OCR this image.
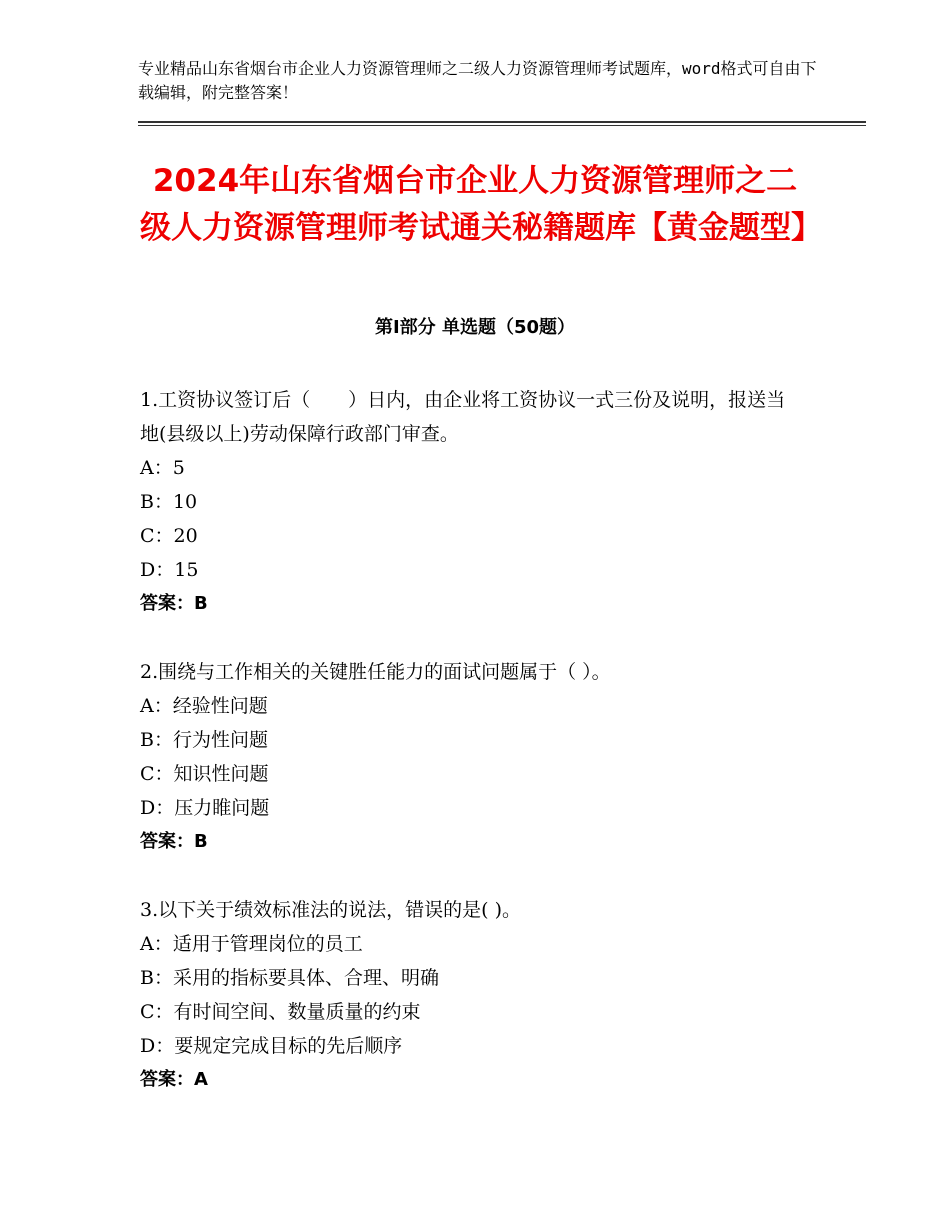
专业精品山东省烟台市企业人力资源管理师之二级人力资源管理师考试题库，word格式可自由下载编辑，附完整答案！
2024年山东省烟台市企业人力资源管理师之二级人力资源管理师考试通关秘籍题库【黄金题型】
第Ⅰ部分 单选题（50题）

1.工资协议签订后（　　）日内，由企业将工资协议一式三份及说明，报送当地(县级以上)劳动保障行政部门审查。

A：5

B：10

C：20

D：15

答案：B

2.围绕与工作相关的关键胜任能力的面试问题属于（ ）。

A：经验性问题

B：行为性问题

C：知识性问题

D：压力睢问题

答案：B

3.以下关于绩效标准法的说法，错误的是( )。

A：适用于管理岗位的员工

B：采用的指标要具体、合理、明确

C：有时间空间、数量质量的约束

D：要规定完成目标的先后顺序

答案：A
